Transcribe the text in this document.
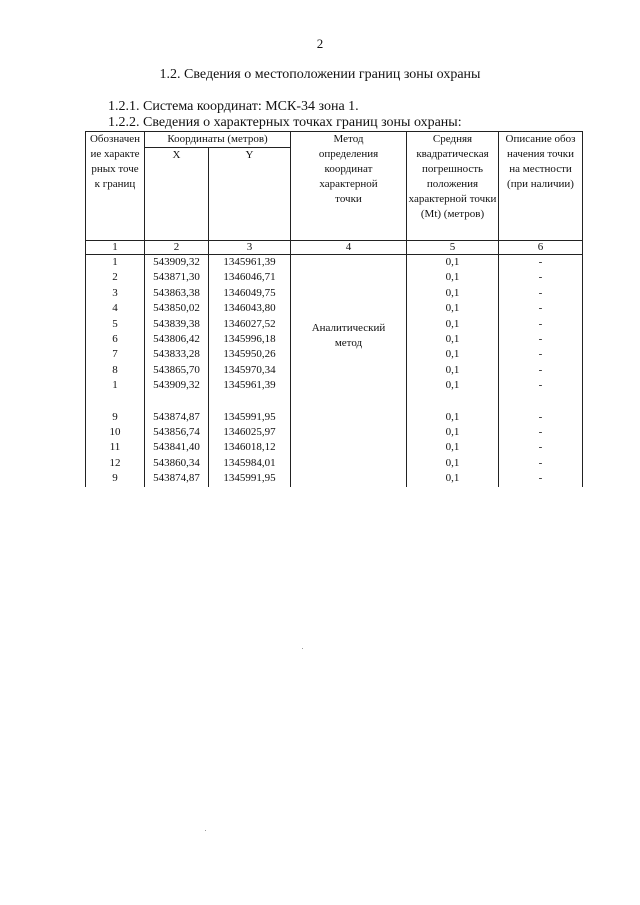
2
1.2. Сведения о местоположении границ зоны охраны
1.2.1. Система координат: МСК-34 зона 1.
1.2.2. Сведения о характерных точках границ зоны охраны:
Обозначение характерных точек границ	Координаты (метров)		Метод определения координат характерной точки	Средняя квадратическая погрешность положения характерной точки (Mt) (метров)	Описание обозначения точки на местности (при наличии)

	X	Y			
1	2	3	4	5	6
1	543909,32	1345961,39	Аналитический метод	0,1	-
2	543871,30	1346046,71		0,1	-
3	543863,38	1346049,75		0,1	-
4	543850,02	1346043,80		0,1	-
5	543839,38	1346027,52		0,1	-
6	543806,42	1345996,18		0,1	-
7	543833,28	1345950,26		0,1	-
8	543865,70	1345970,34		0,1	-
1	543909,32	1345961,39		0,1	-

9	543874,87	1345991,95		0,1	-
10	543856,74	1346025,97		0,1	-
11	543841,40	1346018,12		0,1	-
12	543860,34	1345984,01		0,1	-
9	543874,87	1345991,95		0,1	-
